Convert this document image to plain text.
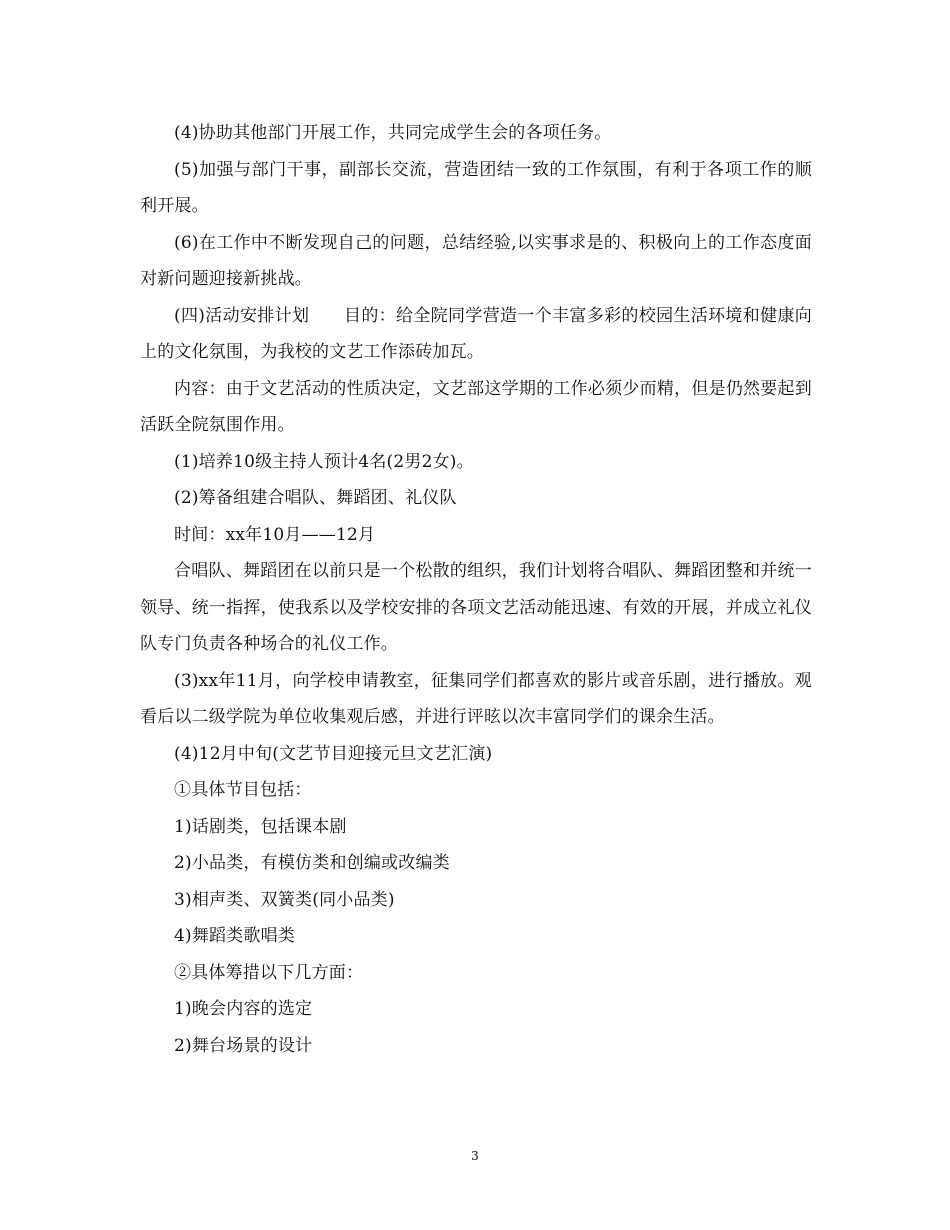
(4)协助其他部门开展工作，共同完成学生会的各项任务。

(5)加强与部门干事，副部长交流，营造团结一致的工作氛围，有利于各项工作的顺利开展。

(6)在工作中不断发现自己的问题，总结经验,以实事求是的、积极向上的工作态度面对新问题迎接新挑战。

(四)活动安排计划　　目的：给全院同学营造一个丰富多彩的校园生活环境和健康向上的文化氛围，为我校的文艺工作添砖加瓦。

内容：由于文艺活动的性质决定，文艺部这学期的工作必须少而精，但是仍然要起到活跃全院氛围作用。

(1)培养10级主持人预计4名(2男2女)。

(2)筹备组建合唱队、舞蹈团、礼仪队

时间：xx年10月——12月

合唱队、舞蹈团在以前只是一个松散的组织，我们计划将合唱队、舞蹈团整和并统一领导、统一指挥，使我系以及学校安排的各项文艺活动能迅速、有效的开展，并成立礼仪队专门负责各种场合的礼仪工作。

(3)xx年11月，向学校申请教室，征集同学们都喜欢的影片或音乐剧，进行播放。观看后以二级学院为单位收集观后感，并进行评昡以次丰富同学们的课余生活。

(4)12月中旬(文艺节目迎接元旦文艺汇演)

①具体节目包括：

1)话剧类，包括课本剧

2)小品类，有模仿类和创编或改编类

3)相声类、双簧类(同小品类)

4)舞蹈类歌唱类

②具体筹措以下几方面：

1)晚会内容的选定

2)舞台场景的设计

3
